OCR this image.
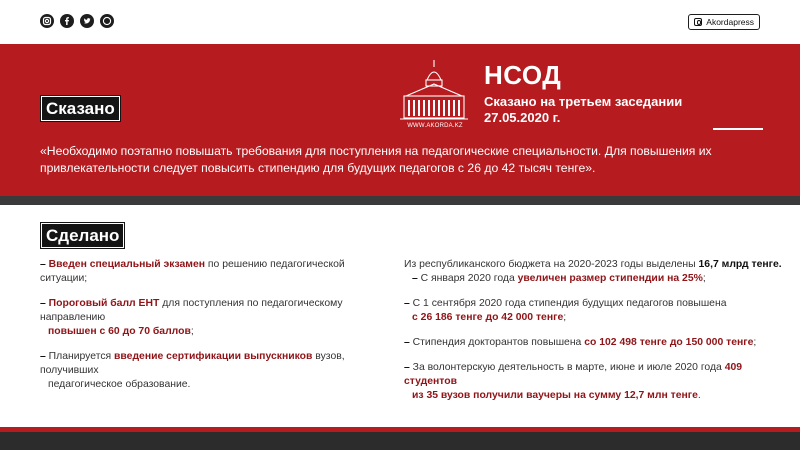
Akordapress
Сказано
WWW.AKORDA.KZ
НСОД
Сказано на третьем заседании
27.05.2020 г.
«Необходимо поэтапно повышать требования для поступления на педагогические специальности. Для повышения их привлекательности следует повысить стипендию для будущих педагогов с 26 до 42 тысяч тенге».
Сделано
– Введен специальный экзамен по решению педагогической ситуации;
– Пороговый балл ЕНТ для поступления по педагогическому направлению
повышен с 60 до 70 баллов;
– Планируется введение сертификации выпускников вузов, получивших
педагогическое образование.
Из республиканского бюджета на 2020-2023 годы выделены 16,7 млрд тенге.
– С января 2020 года увеличен размер стипендии на 25%;
– С 1 сентября 2020 года стипендия будущих педагогов повышена
с 26 186 тенге до 42 000 тенге;
– Стипендия докторантов повышена со 102 498 тенге до 150 000 тенге;
– За волонтерскую деятельность в марте, июне и июле 2020 года 409 студентов
из 35 вузов получили ваучеры на сумму 12,7 млн тенге.
